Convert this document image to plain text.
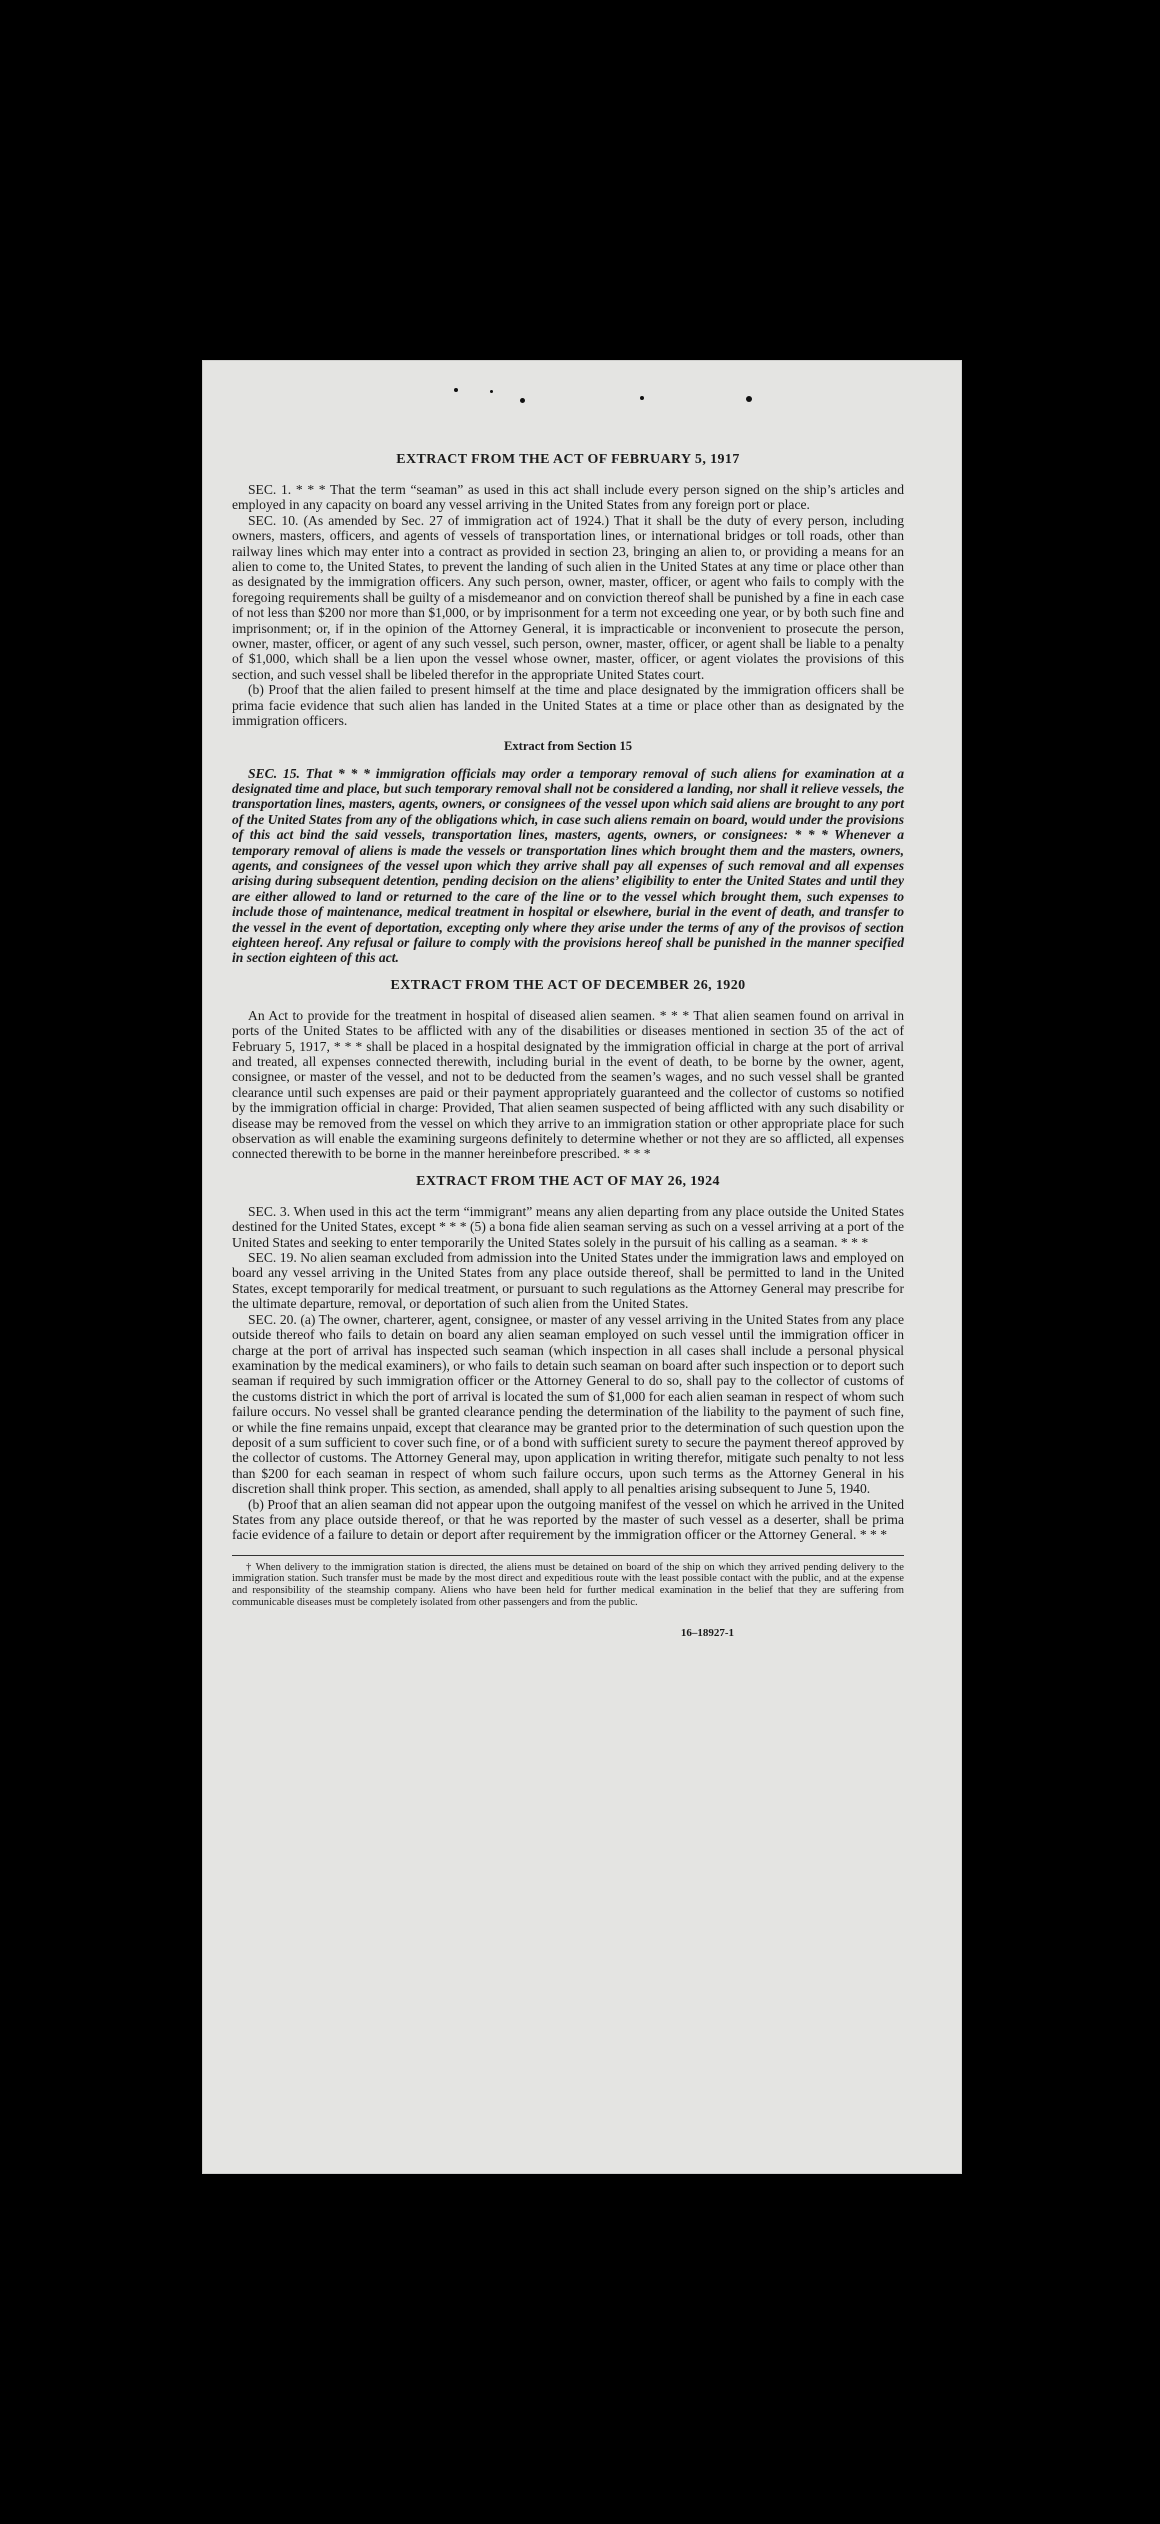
EXTRACT FROM THE ACT OF FEBRUARY 5, 1917

SEC. 1. * * * That the term “seaman” as used in this act shall include every person signed on the ship’s articles and employed in any capacity on board any vessel arriving in the United States from any foreign port or place.

SEC. 10. (As amended by Sec. 27 of immigration act of 1924.) That it shall be the duty of every person, including owners, masters, officers, and agents of vessels of transportation lines, or international bridges or toll roads, other than railway lines which may enter into a contract as provided in section 23, bringing an alien to, or providing a means for an alien to come to, the United States, to prevent the landing of such alien in the United States at any time or place other than as designated by the immigration officers. Any such person, owner, master, officer, or agent who fails to comply with the foregoing requirements shall be guilty of a misdemeanor and on conviction thereof shall be punished by a fine in each case of not less than $200 nor more than $1,000, or by imprisonment for a term not exceeding one year, or by both such fine and imprisonment; or, if in the opinion of the Attorney General, it is impracticable or inconvenient to prosecute the person, owner, master, officer, or agent of any such vessel, such person, owner, master, officer, or agent shall be liable to a penalty of $1,000, which shall be a lien upon the vessel whose owner, master, officer, or agent violates the provisions of this section, and such vessel shall be libeled therefor in the appropriate United States court.

(b) Proof that the alien failed to present himself at the time and place designated by the immigration officers shall be prima facie evidence that such alien has landed in the United States at a time or place other than as designated by the immigration officers.

Extract from Section 15

SEC. 15. That * * * immigration officials may order a temporary removal of such aliens for examination at a designated time and place, but such temporary removal shall not be considered a landing, nor shall it relieve vessels, the transportation lines, masters, agents, owners, or consignees of the vessel upon which said aliens are brought to any port of the United States from any of the obligations which, in case such aliens remain on board, would under the provisions of this act bind the said vessels, transportation lines, masters, agents, owners, or consignees: * * * Whenever a temporary removal of aliens is made the vessels or transportation lines which brought them and the masters, owners, agents, and consignees of the vessel upon which they arrive shall pay all expenses of such removal and all expenses arising during subsequent detention, pending decision on the aliens’ eligibility to enter the United States and until they are either allowed to land or returned to the care of the line or to the vessel which brought them, such expenses to include those of maintenance, medical treatment in hospital or elsewhere, burial in the event of death, and transfer to the vessel in the event of deportation, excepting only where they arise under the terms of any of the provisos of section eighteen hereof. Any refusal or failure to comply with the provisions hereof shall be punished in the manner specified in section eighteen of this act.

EXTRACT FROM THE ACT OF DECEMBER 26, 1920

An Act to provide for the treatment in hospital of diseased alien seamen. * * * That alien seamen found on arrival in ports of the United States to be afflicted with any of the disabilities or diseases mentioned in section 35 of the act of February 5, 1917, * * * shall be placed in a hospital designated by the immigration official in charge at the port of arrival and treated, all expenses connected therewith, including burial in the event of death, to be borne by the owner, agent, consignee, or master of the vessel, and not to be deducted from the seamen’s wages, and no such vessel shall be granted clearance until such expenses are paid or their payment appropriately guaranteed and the collector of customs so notified by the immigration official in charge: Provided, That alien seamen suspected of being afflicted with any such disability or disease may be removed from the vessel on which they arrive to an immigration station or other appropriate place for such observation as will enable the examining surgeons definitely to determine whether or not they are so afflicted, all expenses connected therewith to be borne in the manner hereinbefore prescribed. * * *

EXTRACT FROM THE ACT OF MAY 26, 1924

SEC. 3. When used in this act the term “immigrant” means any alien departing from any place outside the United States destined for the United States, except * * * (5) a bona fide alien seaman serving as such on a vessel arriving at a port of the United States and seeking to enter temporarily the United States solely in the pursuit of his calling as a seaman. * * *

SEC. 19. No alien seaman excluded from admission into the United States under the immigration laws and employed on board any vessel arriving in the United States from any place outside thereof, shall be permitted to land in the United States, except temporarily for medical treatment, or pursuant to such regulations as the Attorney General may prescribe for the ultimate departure, removal, or deportation of such alien from the United States.

SEC. 20. (a) The owner, charterer, agent, consignee, or master of any vessel arriving in the United States from any place outside thereof who fails to detain on board any alien seaman employed on such vessel until the immigration officer in charge at the port of arrival has inspected such seaman (which inspection in all cases shall include a personal physical examination by the medical examiners), or who fails to detain such seaman on board after such inspection or to deport such seaman if required by such immigration officer or the Attorney General to do so, shall pay to the collector of customs of the customs district in which the port of arrival is located the sum of $1,000 for each alien seaman in respect of whom such failure occurs. No vessel shall be granted clearance pending the determination of the liability to the payment of such fine, or while the fine remains unpaid, except that clearance may be granted prior to the determination of such question upon the deposit of a sum sufficient to cover such fine, or of a bond with sufficient surety to secure the payment thereof approved by the collector of customs. The Attorney General may, upon application in writing therefor, mitigate such penalty to not less than $200 for each seaman in respect of whom such failure occurs, upon such terms as the Attorney General in his discretion shall think proper. This section, as amended, shall apply to all penalties arising subsequent to June 5, 1940.

(b) Proof that an alien seaman did not appear upon the outgoing manifest of the vessel on which he arrived in the United States from any place outside thereof, or that he was reported by the master of such vessel as a deserter, shall be prima facie evidence of a failure to detain or deport after requirement by the immigration officer or the Attorney General. * * *

† When delivery to the immigration station is directed, the aliens must be detained on board of the ship on which they arrived pending delivery to the immigration station. Such transfer must be made by the most direct and expeditious route with the least possible contact with the public, and at the expense and responsibility of the steamship company. Aliens who have been held for further medical examination in the belief that they are suffering from communicable diseases must be completely isolated from other passengers and from the public.
16–18927-1
